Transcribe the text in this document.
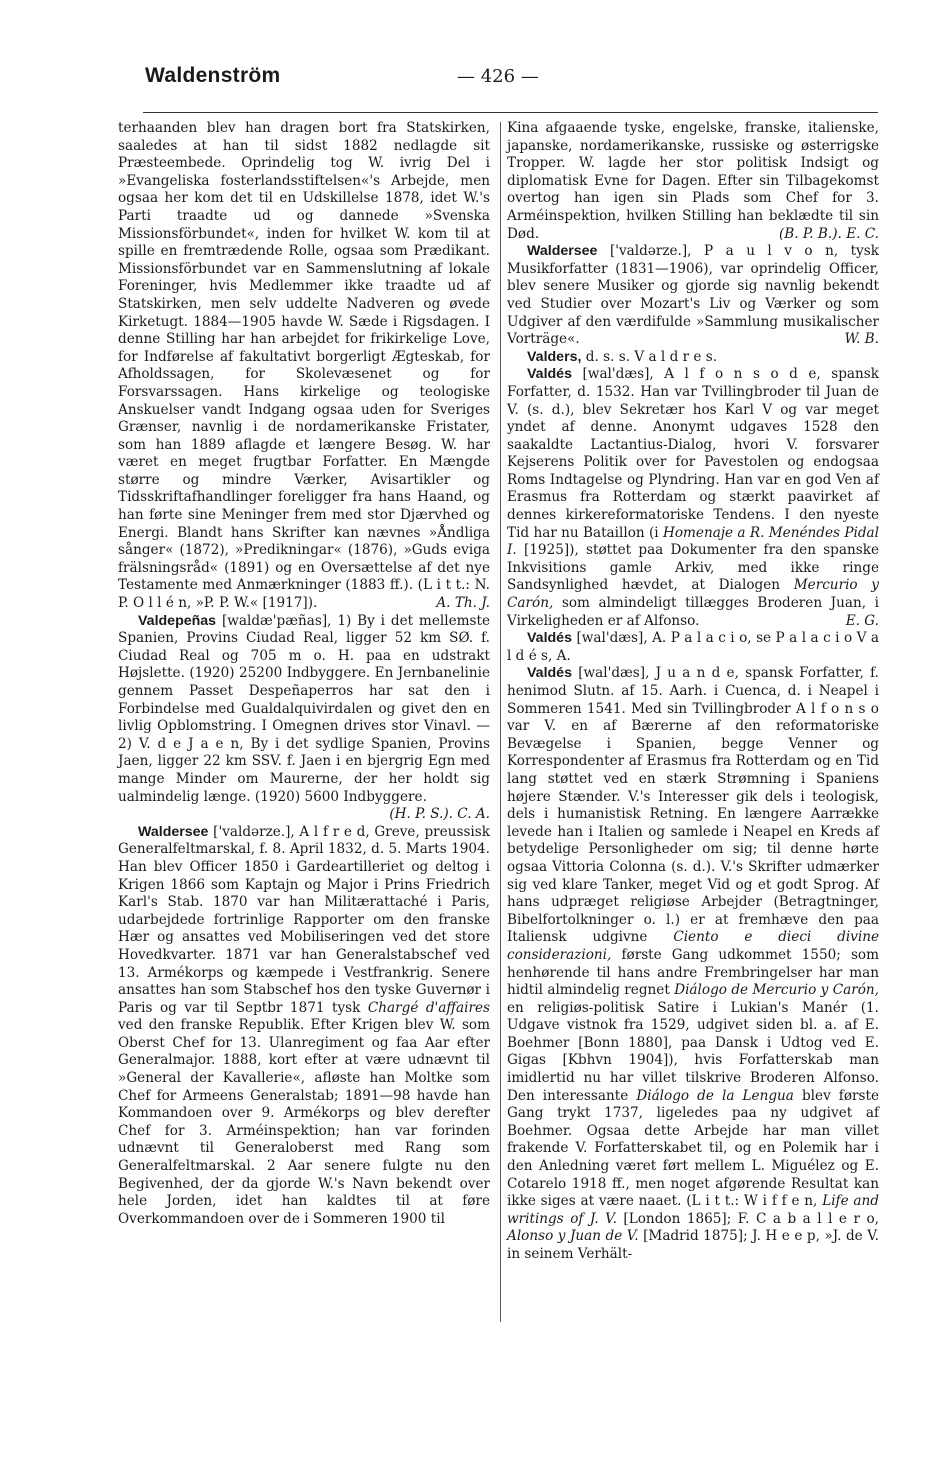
Waldenström	— 426 —

terhaanden blev han dragen bort fra Statskirken, saaledes at han til sidst 1882 nedlagde sit Præsteembede. Oprindelig tog W. ivrig Del i »Evangeliska fosterlandsstiftelsen«'s Arbejde, men ogsaa her kom det til en Udskillelse 1878, idet W.'s Parti traadte ud og dannede »Svenska Missionsförbundet«, inden for hvilket W. kom til at spille en fremtrædende Rolle, ogsaa som Prædikant. Missionsförbundet var en Sammenslutning af lokale Foreninger, hvis Medlemmer ikke traadte ud af Statskirken, men selv uddelte Nadveren og øvede Kirketugt. 1884—1905 havde W. Sæde i Rigsdagen. I denne Stilling har han arbejdet for frikirkelige Love, for Indførelse af fakultativt borgerligt Ægteskab, for Afholdssagen, for Skolevæsenet og for Forsvarssagen. Hans kirkelige og teologiske Anskuelser vandt Indgang ogsaa uden for Sveriges Grænser, navnlig i de nordamerikanske Fristater, som han 1889 aflagde et længere Besøg. W. har været en meget frugtbar Forfatter. En Mængde større og mindre Værker, Avisartikler og Tidsskriftafhandlinger foreligger fra hans Haand, og han førte sine Meninger frem med stor Djærvhed og Energi. Blandt hans Skrifter kan nævnes »Åndliga sånger« (1872), »Predikningar« (1876), »Guds eviga frälsningsråd« (1891) og en Oversættelse af det nye Testamente med Anmærkninger (1883 ff.). (L i t t.: N. P. O l l é n, »P. P. W.« [1917]).	A. Th. J.

Valdepeñas [waldæ'pæñas], 1) By i det mellemste Spanien, Provins Ciudad Real, ligger 52 km SØ. f. Ciudad Real og 705 m o. H. paa en udstrakt Højslette. (1920) 25200 Indbyggere. En Jernbanelinie gennem Passet Despeñaperros har sat den i Forbindelse med Gualdalquivirdalen og givet den en livlig Opblomstring. I Omegnen drives stor Vinavl. — 2) V. d e J a e n, By i det sydlige Spanien, Provins Jaen, ligger 22 km SSV. f. Jaen i en bjergrig Egn med mange Minder om Maurerne, der her holdt sig ualmindelig længe. (1920) 5600 Indbyggere.
(H. P. S.). C. A.

Waldersee ['valdərze.], A l f r e d, Greve, preussisk Generalfeltmarskal, f. 8. April 1832, d. 5. Marts 1904. Han blev Officer 1850 i Gardeartilleriet og deltog i Krigen 1866 som Kaptajn og Major i Prins Friedrich Karl's Stab. 1870 var han Militærattaché i Paris, udarbejdede fortrinlige Rapporter om den franske Hær og ansattes ved Mobiliseringen ved det store Hovedkvarter. 1871 var han Generalstabschef ved 13. Armékorps og kæmpede i Vestfrankrig. Senere ansattes han som Stabschef hos den tyske Guvernør i Paris og var til Septbr 1871 tysk Chargé d'affaires ved den franske Republik. Efter Krigen blev W. som Oberst Chef for 13. Ulanregiment og faa Aar efter Generalmajor. 1888, kort efter at være udnævnt til »General der Kavallerie«, afløste han Moltke som Chef for Armeens Generalstab; 1891—98 havde han Kommandoen over 9. Armékorps og blev derefter Chef for 3. Arméinspektion; han var forinden udnævnt til Generaloberst med Rang som Generalfeltmarskal. 2 Aar senere fulgte nu den Begivenhed, der da gjorde W.'s Navn bekendt over hele Jorden, idet han kaldtes til at føre Overkommandoen over de i Sommeren 1900 til

Kina afgaaende tyske, engelske, franske, italienske, japanske, nordamerikanske, russiske og østerrigske Tropper. W. lagde her stor politisk Indsigt og diplomatisk Evne for Dagen. Efter sin Tilbagekomst overtog han igen sin Plads som Chef for 3. Arméinspektion, hvilken Stilling han beklædte til sin Død.	(B. P. B.). E. C.

Waldersee ['valdərze.], P a u l v o n, tysk Musikforfatter (1831—1906), var oprindelig Officer, blev senere Musiker og gjorde sig navnlig bekendt ved Studier over Mozart's Liv og Værker og som Udgiver af den værdifulde »Sammlung musikalischer Vorträge«.	W. B.

Valders, d. s. s. V a l d r e s.

Valdés [wal'dæs], A l f o n s o d e, spansk Forfatter, d. 1532. Han var Tvillingbroder til Juan de V. (s. d.), blev Sekretær hos Karl V og var meget yndet af denne. Anonymt udgaves 1528 den saakaldte Lactantius-Dialog, hvori V. forsvarer Kejserens Politik over for Pavestolen og endogsaa Roms Indtagelse og Plyndring. Han var en god Ven af Erasmus fra Rotterdam og stærkt paavirket af dennes kirkereformatoriske Tendens. I den nyeste Tid har nu Bataillon (i Homenaje a R. Menéndes Pidal I. [1925]), støttet paa Dokumenter fra den spanske Inkvisitions gamle Arkiv, med ikke ringe Sandsynlighed hævdet, at Dialogen Mercurio y Carón, som almindeligt tillægges Broderen Juan, i Virkeligheden er af Alfonso.	E. G.

Valdés [wal'dæs], A. P a l a c i o, se P a l a c i o V a l d é s, A.

Valdés [wal'dæs], J u a n d e, spansk Forfatter, f. henimod Slutn. af 15. Aarh. i Cuenca, d. i Neapel i Sommeren 1541. Med sin Tvillingbroder A l f o n s o var V. en af Bærerne af den reformatoriske Bevægelse i Spanien, begge Venner og Korrespondenter af Erasmus fra Rotterdam og en Tid lang støttet ved en stærk Strømning i Spaniens højere Stænder. V.'s Interesser gik dels i teologisk, dels i humanistisk Retning. En længere Aarrække levede han i Italien og samlede i Neapel en Kreds af betydelige Personligheder om sig; til denne hørte ogsaa Vittoria Colonna (s. d.). V.'s Skrifter udmærker sig ved klare Tanker, meget Vid og et godt Sprog. Af hans udpræget religiøse Arbejder (Betragtninger, Bibelfortolkninger o. l.) er at fremhæve den paa Italiensk udgivne Ciento e dieci divine considerazioni, første Gang udkommet 1550; som henhørende til hans andre Frembringelser har man hidtil almindelig regnet Diálogo de Mercurio y Carón, en religiøs-politisk Satire i Lukian's Manér (1. Udgave vistnok fra 1529, udgivet siden bl. a. af E. Boehmer [Bonn 1880], paa Dansk i Udtog ved E. Gigas [Kbhvn 1904]), hvis Forfatterskab man imidlertid nu har villet tilskrive Broderen Alfonso. Den interessante Diálogo de la Lengua blev første Gang trykt 1737, ligeledes paa ny udgivet af Boehmer. Ogsaa dette Arbejde har man villet frakende V. Forfatterskabet til, og en Polemik har i den Anledning været ført mellem L. Miguélez og E. Cotarelo 1918 ff., men noget afgørende Resultat kan ikke siges at være naaet. (L i t t.: W i f f e n, Life and writings of J. V. [London 1865]; F. C a b a l l e r o, Alonso y Juan de V. [Madrid 1875]; J. H e e p, »J. de V. in seinem Verhält-
